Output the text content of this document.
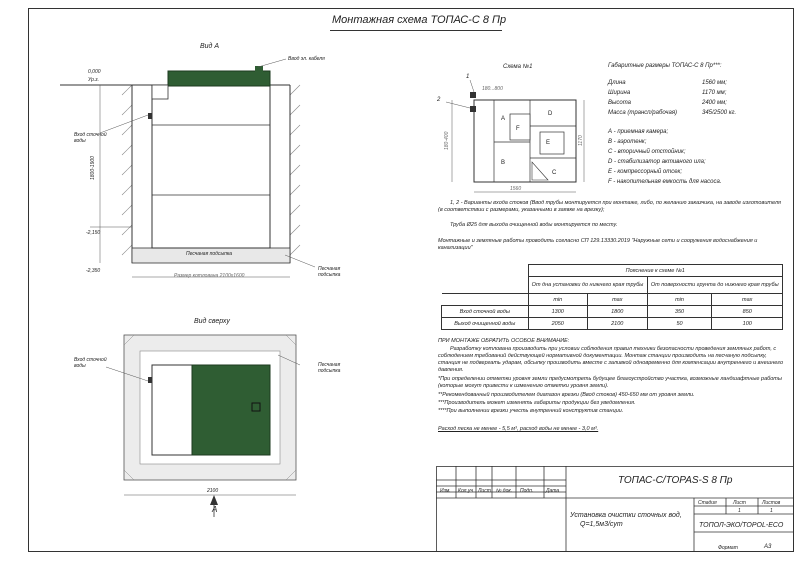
Монтажная схема ТОПАС-С 8 Пр
Вид А
0,000
Ур.з.
Ввод эл. кабеля
Вход сточной воды
1800-1900
-2,150
-2,350
Песчаная подсыпка
Песчаная подсыпка
Размер котлована 2100х1600
Вид сверху
Вход сточной воды	Песчаная подсыпка
2100
А
Схема №1
1
2
180...800
180-400	1170
1560
A
B
C
D
E
F
Габаритные размеры ТОПАС-С 8 Пр***:
Длина	1560 мм;
Ширина	1170 мм;
Высота	2400 мм;
Масса (трансп/рабочая)	345/2500 кг.
А - приемная камера;
В - аэротенк;
С - вторичный отстойник;
D - стабилизатор активного ила;
Е - компрессорный отсек;
F - накопительная емкость для насоса.
1, 2 - Варианты входа стоков (Ввод трубы монтируется при монтаже, либо, по желанию заказчика, на заводе изготовителя (в соответствии с размерами, указанными в заявке на врезку);
Труба Ø25 для выхода очищенной воды монтируется по месту.
Монтажные и земляные работы проводить согласно СП 129.13330.2019 "Наружные сети и сооружения водоснабжения и канализации"
	Пояснение к схеме №1			
	От дна установки до нижнего края трубы		От поверхности грунта до нижнего края трубы	
	min	max	min	max
Вход сточной воды	1300	1800	350	850
Выход очищенной воды	2050	2100	50	100
ПРИ МОНТАЖЕ ОБРАТИТЬ ОСОБОЕ ВНИМАНИЕ:
Разработку котлована производить при условии соблюдения правил техники безопасности проведения земляных работ, с соблюдением требований действующей нормативной документации. Монтаж станции производить на песчаную подсыпку, станция не подвергать ударам, обсыпку производить вместе с заливкой одновременно для компенсации внутреннего и внешнего давления.
*При определении отметки уровня земли предусмотреть будущее благоустройство участка, возможные ландшафтные работы (которые могут привести к изменению отметки уровня земли).
**Рекомендованный производителем диапазон врезки (Ввод стоков) 450-650 мм от уровня земли.
***Производитель может изменять габариты продукции без уведомления.
****При выполнении врезки учесть внутренний конструктив станции.
Расход песка не менее - 5,5 м³, расход воды не менее - 3,0 м³.
ТОПАС-С/TOPAS-S 8 Пр
Изм. Кол.уч Лист № док. Подп.	Дата
Установка очистки сточных вод,
Q=1,5м3/сут
Стадия	Лист	Листов
1	1
ТОПОЛ-ЭКО/TOPOL-ECO
Формат	А3
